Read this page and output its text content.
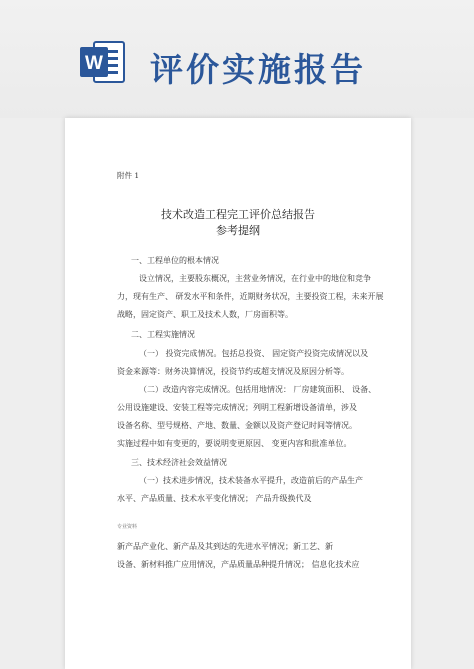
W 评价实施报告
附件 1
技术改造工程完工评价总结报告
参考提纲
一、工程单位的根本情况
设立情况，主要股东概况，主营业务情况，在行业中的地位和竞争
力，现有生产、 研发水平和条件，近期财务状况，主要投资工程，未来开展
战略，固定资产、职工及技术人数，厂房面积等。
二、工程实施情况
（一） 投资完成情况。包括总投资、 固定资产投资完成情况以及
资金来源等：财务决算情况，投资节约或超支情况及原因分析等。
（二）改造内容完成情况。包括用地情况： 厂房建筑面积、 设备、
公用设施建设、安装工程等完成情况；列明工程新增设备清单，涉及
设备名称、型号规格、产地、数量、金额以及资产登记时间等情况。
实施过程中如有变更的，要说明变更原因、 变更内容和批准单位。
三、技术经济社会效益情况
（一）技术进步情况，技术装备水平提升，改造前后的产品生产
水平、产品质量、技术水平变化情况； 产品升级换代及
专业资料
新产品产业化、新产品及其到达的先进水平情况；新工艺、新
设备、新材料推广应用情况，产品质量品种提升情况； 信息化技术应
